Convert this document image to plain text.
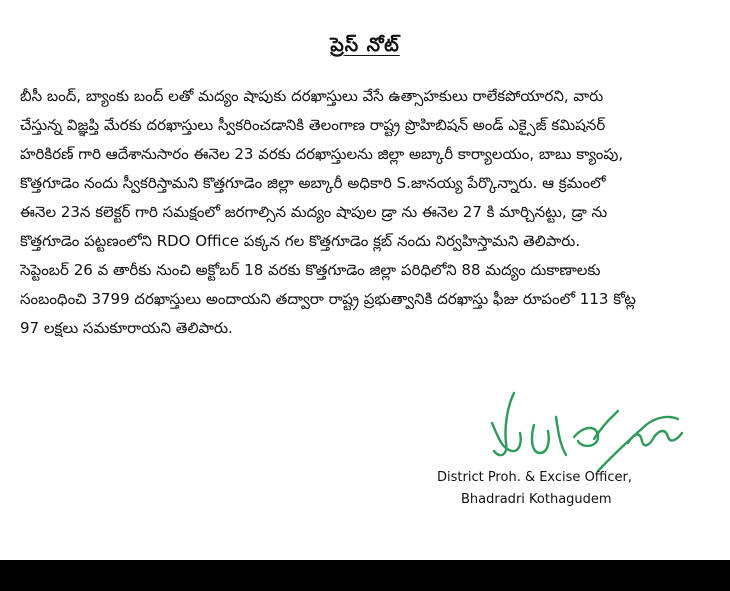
ప్రెస్ నోట్
బీసీ బంద్, బ్యాంకు బంద్ లతో మద్యం షాపుకు దరఖాస్తులు వేసే ఉత్సాహకులు రాలేకపోయారని, వారు
చేస్తున్న విజ్ఞప్తి మేరకు దరఖాస్తులు స్వీకరించడానికి తెలంగాణ రాష్ట్ర ప్రొహిబిషన్ అండ్ ఎక్సైజ్ కమిషనర్
హరికిరణ్ గారి ఆదేశానుసారం ఈనెల 23 వరకు దరఖాస్తులను జిల్లా అబ్కారీ కార్యాలయం, బాబు క్యాంపు,
కొత్తగూడెం నందు స్వీకరిస్తామని కొత్తగూడెం జిల్లా అబ్కారీ అధికారి S.జానయ్య పేర్కొన్నారు. ఆ క్రమంలో
ఈనెల 23న కలెక్టర్ గారి సమక్షంలో జరగాల్సిన మద్యం షాపుల డ్రా ను ఈనెల 27 కి మార్చినట్టు, డ్రా ను
కొత్తగూడెం పట్టణంలోని RDO Office పక్కన గల కొత్తగూడెం క్లబ్ నందు నిర్వహిస్తామని తెలిపారు.
సెప్టెంబర్ 26 వ తారీకు నుంచి అక్టోబర్ 18 వరకు కొత్తగూడెం జిల్లా పరిధిలోని 88 మద్యం దుకాణాలకు
సంబంధించి 3799 దరఖాస్తులు అందాయని తద్వారా రాష్ట్ర ప్రభుత్వానికి దరఖాస్తు ఫీజు రూపంలో 113 కోట్ల
97 లక్షలు సమకూరాయని తెలిపారు.
District Proh. & Excise Officer,
Bhadradri Kothagudem
